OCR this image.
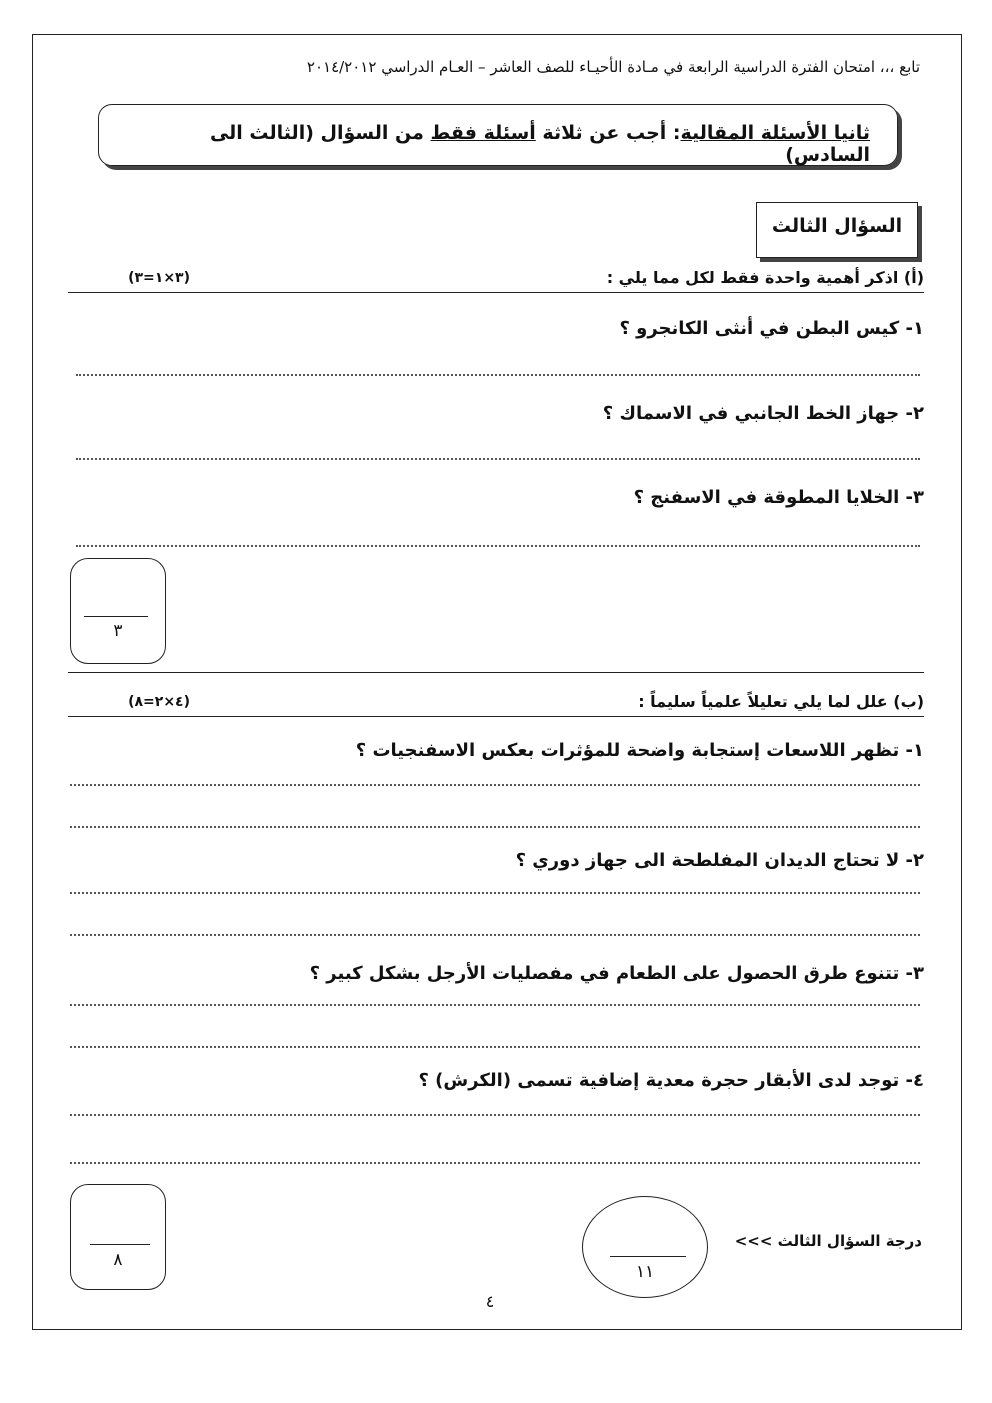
تابع ،،، امتحان الفترة الدراسية الرابعة في مـادة الأحيـاء للصف العاشر – العـام الدراسي ٢٠١٤/٢٠١٢
ثانيا الأسئلة المقالية: أجب عن ثلاثة أسئلة فقط من السؤال (الثالث الى السادس)
السؤال الثالث
(أ) اذكر أهمية واحدة فقط لكل مما يلي :
(٣×١=٣)
١- كيس البطن في أنثى الكانجرو ؟
٢- جهاز الخط الجانبي في الاسماك ؟
٣- الخلايا المطوقة في الاسفنج ؟
٣
(ب) علل لما يلي تعليلاً علمياً سليماً :
(٤×٢=٨)
١- تظهر اللاسعات إستجابة واضحة للمؤثرات بعكس الاسفنجيات ؟
٢- لا تحتاج الديدان المفلطحة الى جهاز دوري ؟
٣- تتنوع طرق الحصول على الطعام في مفصليات الأرجل بشكل كبير ؟
٤- توجد لدى الأبقار حجرة معدية إضافية تسمى (الكرش) ؟
٨
درجة السؤال الثالث >>>
١١
٤
